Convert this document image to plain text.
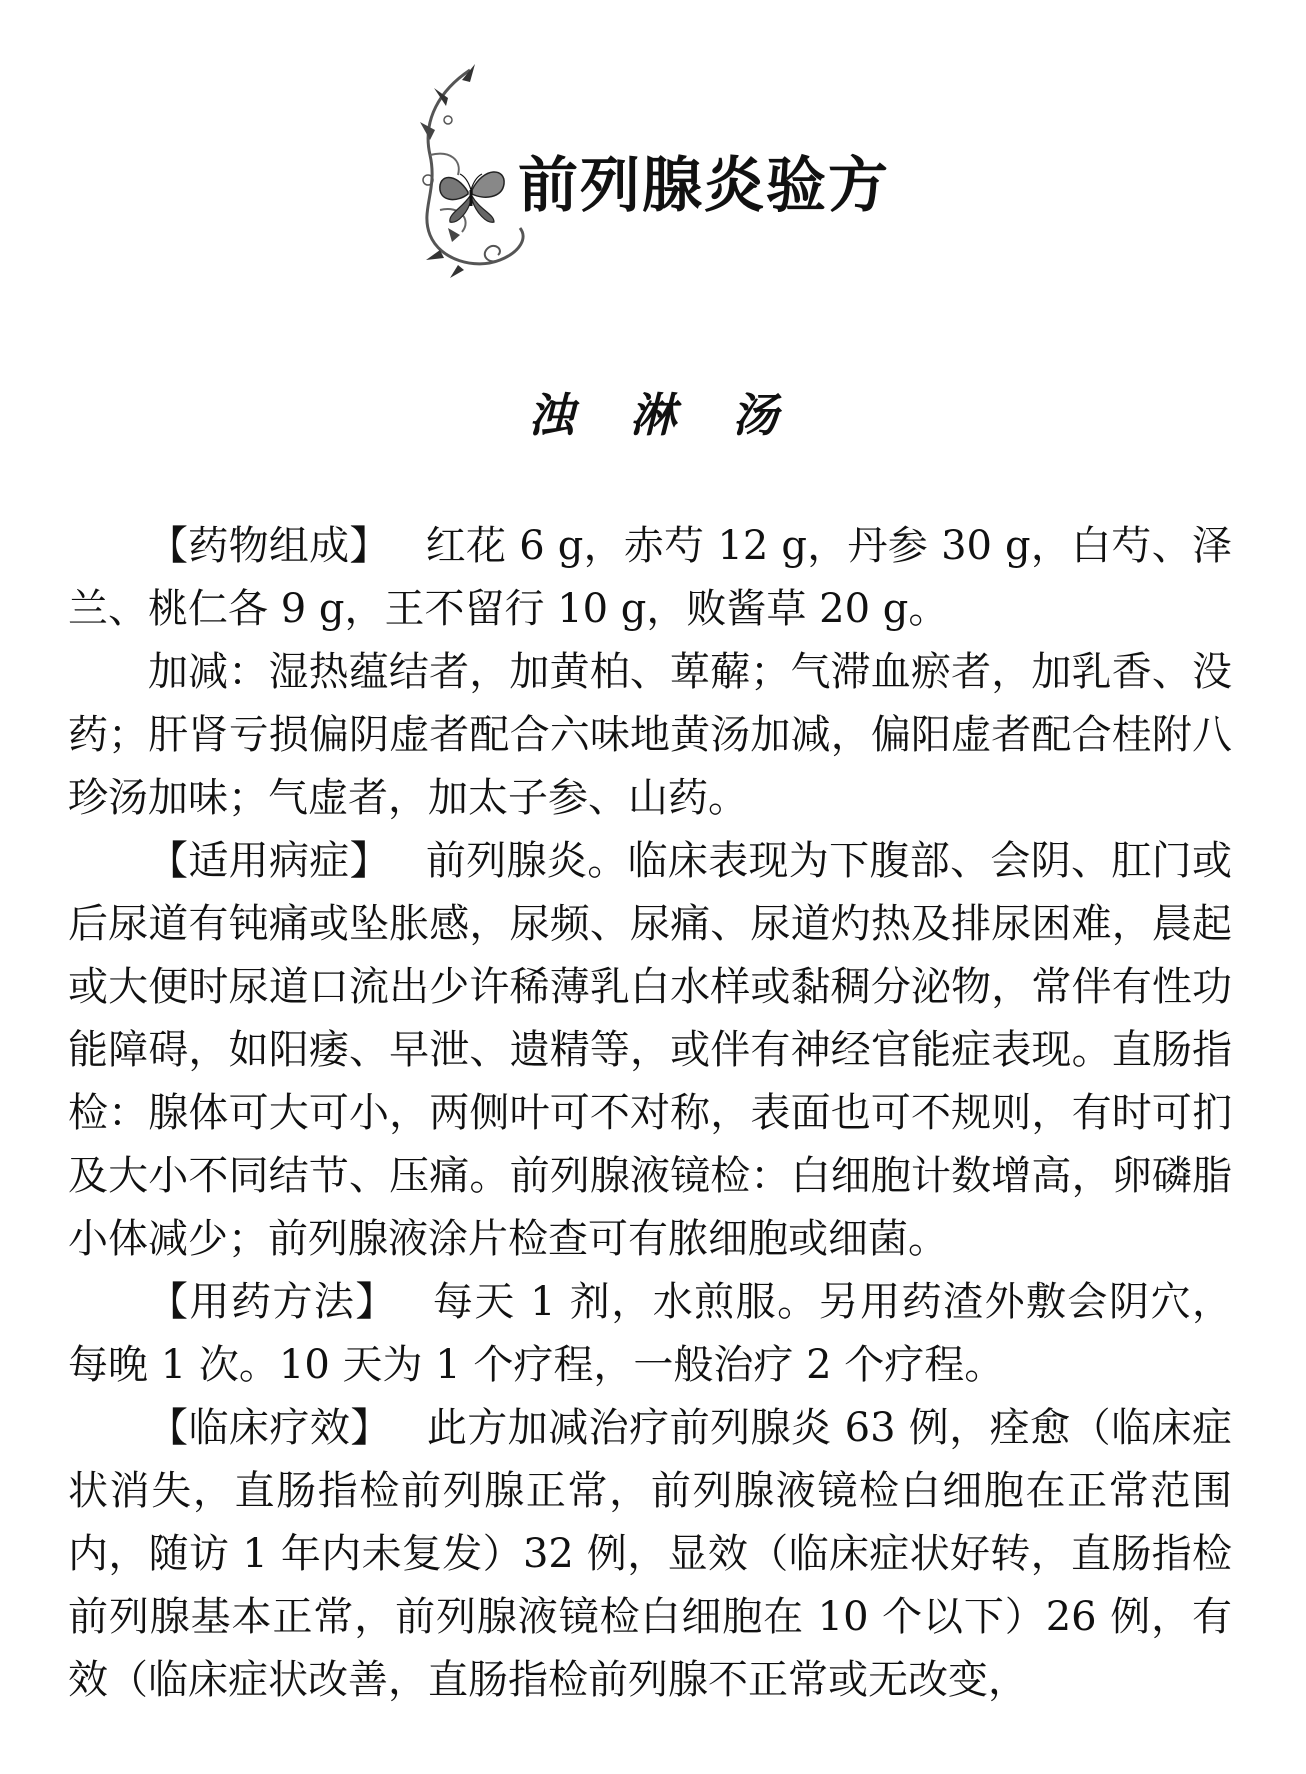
前列腺炎验方
浊淋汤

【药物组成】 红花 6 g，赤芍 12 g，丹参 30 g，白芍、泽兰、桃仁各 9 g，王不留行 10 g，败酱草 20 g。

加减：湿热蕴结者，加黄柏、萆薢；气滞血瘀者，加乳香、没药；肝肾亏损偏阴虚者配合六味地黄汤加减，偏阳虚者配合桂附八珍汤加味；气虚者，加太子参、山药。

【适用病症】 前列腺炎。临床表现为下腹部、会阴、肛门或后尿道有钝痛或坠胀感，尿频、尿痛、尿道灼热及排尿困难，晨起或大便时尿道口流出少许稀薄乳白水样或黏稠分泌物，常伴有性功能障碍，如阳痿、早泄、遗精等，或伴有神经官能症表现。直肠指检：腺体可大可小，两侧叶可不对称，表面也可不规则，有时可扪及大小不同结节、压痛。前列腺液镜检：白细胞计数增高，卵磷脂小体减少；前列腺液涂片检查可有脓细胞或细菌。

【用药方法】 每天 1 剂，水煎服。另用药渣外敷会阴穴，每晚 1 次。10 天为 1 个疗程，一般治疗 2 个疗程。

【临床疗效】 此方加减治疗前列腺炎 63 例，痊愈（临床症状消失，直肠指检前列腺正常，前列腺液镜检白细胞在正常范围内，随访 1 年内未复发）32 例，显效（临床症状好转，直肠指检前列腺基本正常，前列腺液镜检白细胞在 10 个以下）26 例，有效（临床症状改善，直肠指检前列腺不正常或无改变，
